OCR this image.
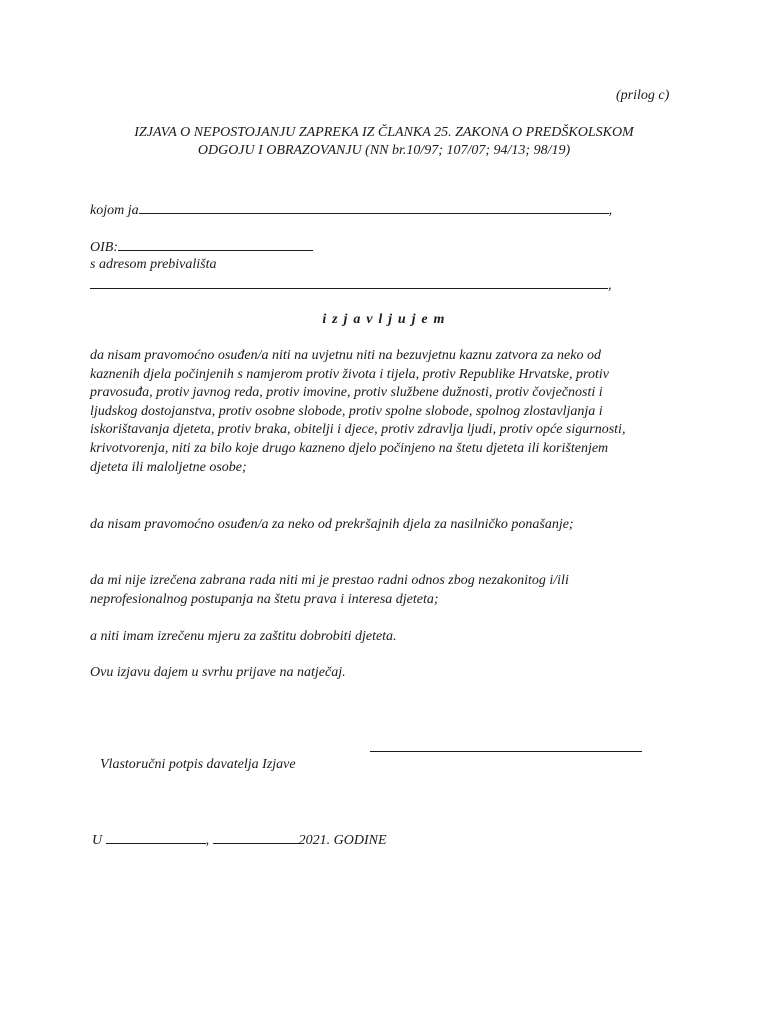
(prilog c)
IZJAVA O NEPOSTOJANJU ZAPREKA IZ ČLANKA 25. ZAKONA O PREDŠKOLSKOM ODGOJU I OBRAZOVANJU (NN br.10/97; 107/07; 94/13; 98/19)
kojom ja	,
OIB:
s adresom prebivališta
,
i z j a v l j u j e m
da nisam pravomoćno osuđen/a niti na uvjetnu niti na bezuvjetnu kaznu zatvora za neko od kaznenih djela počinjenih s namjerom protiv života i tijela, protiv Republike Hrvatske, protiv pravosuđa, protiv javnog reda, protiv imovine, protiv službene dužnosti, protiv čovječnosti i ljudskog dostojanstva, protiv osobne slobode, protiv spolne slobode, spolnog zlostavljanja i iskorištavanja djeteta, protiv braka, obitelji i djece, protiv zdravlja ljudi, protiv opće sigurnosti, krivotvorenja, niti za bilo koje drugo kazneno djelo počinjeno na štetu djeteta ili korištenjem djeteta ili maloljetne osobe;
da nisam pravomoćno osuđen/a za neko od prekršajnih djela za nasilničko ponašanje;
da mi nije izrečena zabrana rada niti mi je prestao radni odnos zbog nezakonitog i/ili neprofesionalnog postupanja na štetu prava i interesa djeteta;
a niti imam izrečenu mjeru za zaštitu dobrobiti djeteta.
Ovu izjavu dajem u svrhu prijave na natječaj.
Vlastoručni potpis davatelja Izjave
U	,	2021. GODINE
